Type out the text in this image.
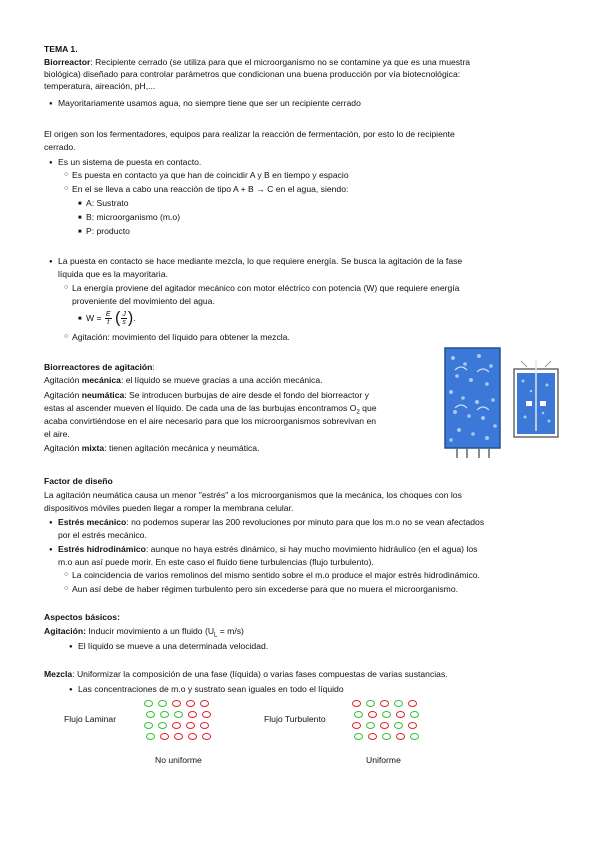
TEMA 1.
Biorreactor: Recipiente cerrado (se utiliza para que el microorganismo no se contamine ya que es una muestra
biológica) diseñado para controlar parámetros que condicionan una buena producción por vía biotecnológica:
temperatura, aireación, pH,...
● Mayoritariamente usamos agua, no siempre tiene que ser un recipiente cerrado
El origen son los fermentadores, equipos para realizar la reacción de fermentación, por esto lo de recipiente
cerrado.
● Es un sistema de puesta en contacto.
○ Es puesta en contacto ya que han de coincidir A y B en tiempo y espacio
○ En el se lleva a cabo una reacción de tipo A + B → C en el agua, siendo:
■ A: Sustrato
■ B: microorganismo (m.o)
■ P: producto
● La puesta en contacto se hace mediante mezcla, lo que requiere energía. Se busca la agitación de la fase
líquida que es la mayoritaria.
○ La energía proviene del agitador mecánico con motor eléctrico con potencia (W) que requiere energía
proveniente del movimiento del agua.
■ $W = \frac{E}{t}$ ( $\frac{J}{s}$ ).
○ Agitación: movimiento del líquido para obtener la mezcla.
Biorreactores de agitación:
Agitación mecánica: el líquido se mueve gracias a una acción mecánica.
Agitación neumática: Se introducen burbujas de aire desde el fondo del biorreactor y
estas al ascender mueven el líquido. De cada una de las burbujas encontramos $O_2$ que
acaba convirtiéndose en el aire necesario para que los microorganismos sobrevivan en
el aire.
Agitación mixta: tienen agitación mecánica y neumática.
Factor de diseño
La agitación neumática causa un menor "estrés" a los microorganismos que la mecánica, los choques con los
dispositivos móviles pueden llegar a romper la membrana celular.
● Estrés mecánico: no podemos superar las 200 revoluciones por minuto para que los m.o no se vean afectados
por el estrés mecánico.
● Estrés hidrodinámico: aunque no haya estrés dinámico, si hay mucho movimiento hidráulico (en el agua) los
m.o aun así puede morir. En este caso el fluido tiene turbulencias (flujo turbulento).
○ La coincidencia de varios remolinos del mismo sentido sobre el m.o produce el major estrés hidrodinámico.
○ Aun así debe de haber régimen turbulento pero sin excederse para que no muera el microorganismo.
Aspectos básicos:
Agitación: Inducir movimiento a un fluido $(U_L = m/s)$
● El líquido se mueve a una determinada velocidad.
Mezcla: Uniformizar la composición de una fase (líquida) o varias fases compuestas de varias sustancias.
● Las concentraciones de m.o y sustrato sean iguales en todo el líquido
Flujo Laminar	Flujo Turbulento
No uniforme	Uniforme
